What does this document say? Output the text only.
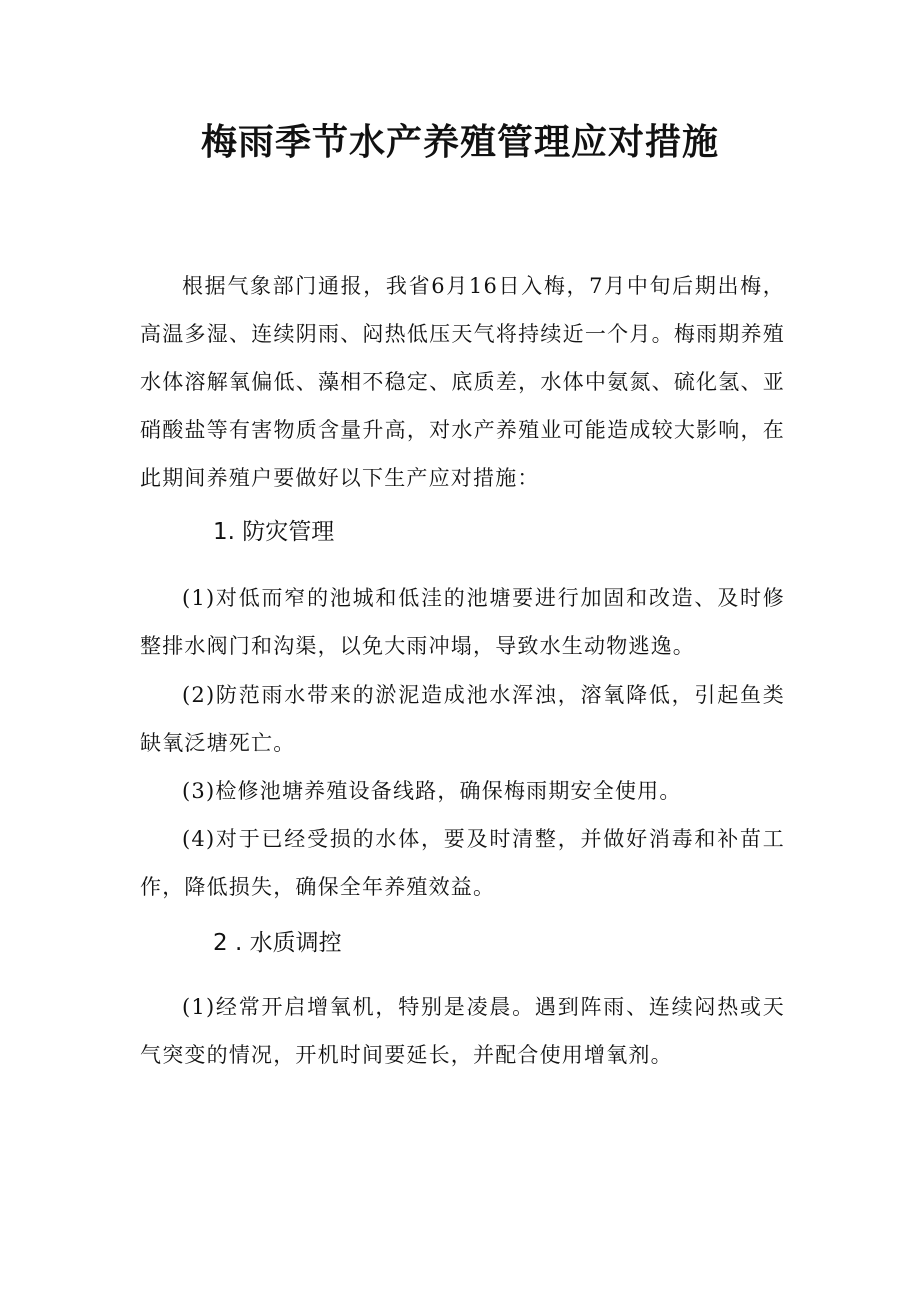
梅雨季节水产养殖管理应对措施

根据气象部门通报，我省6月16日入梅，7月中旬后期出梅，高温多湿、连续阴雨、闷热低压天气将持续近一个月。梅雨期养殖水体溶解氧偏低、藻相不稳定、底质差，水体中氨氮、硫化氢、亚硝酸盐等有害物质含量升高，对水产养殖业可能造成较大影响，在此期间养殖户要做好以下生产应对措施：

1. 防灾管理

(1)对低而窄的池城和低洼的池塘要进行加固和改造、及时修整排水阀门和沟渠，以免大雨冲塌，导致水生动物逃逸。

(2)防范雨水带来的淤泥造成池水浑浊，溶氧降低，引起鱼类缺氧泛塘死亡。

(3)检修池塘养殖设备线路，确保梅雨期安全使用。

(4)对于已经受损的水体，要及时清整，并做好消毒和补苗工作，降低损失，确保全年养殖效益。

2 . 水质调控

(1)经常开启增氧机，特别是凌晨。遇到阵雨、连续闷热或天气突变的情况，开机时间要延长，并配合使用增氧剂。
